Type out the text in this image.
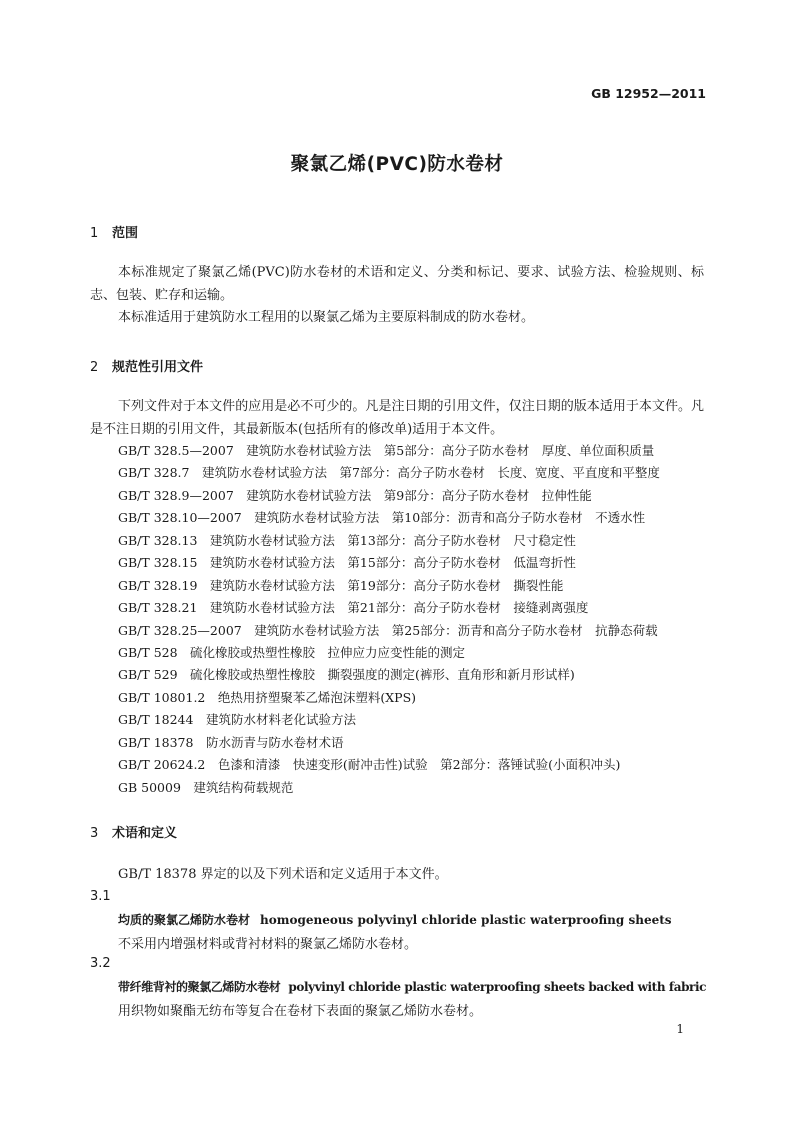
GB 12952—2011
聚氯乙烯(PVC)防水卷材
1 范围
本标准规定了聚氯乙烯(PVC)防水卷材的术语和定义、分类和标记、要求、试验方法、检验规则、标志、包装、贮存和运输。
本标准适用于建筑防水工程用的以聚氯乙烯为主要原料制成的防水卷材。
2 规范性引用文件
下列文件对于本文件的应用是必不可少的。凡是注日期的引用文件，仅注日期的版本适用于本文件。凡是不注日期的引用文件，其最新版本(包括所有的修改单)适用于本文件。
GB/T 328.5—2007　建筑防水卷材试验方法　第5部分：高分子防水卷材　厚度、单位面积质量
GB/T 328.7　建筑防水卷材试验方法　第7部分：高分子防水卷材　长度、宽度、平直度和平整度
GB/T 328.9—2007　建筑防水卷材试验方法　第9部分：高分子防水卷材　拉伸性能
GB/T 328.10—2007　建筑防水卷材试验方法　第10部分：沥青和高分子防水卷材　不透水性
GB/T 328.13　建筑防水卷材试验方法　第13部分：高分子防水卷材　尺寸稳定性
GB/T 328.15　建筑防水卷材试验方法　第15部分：高分子防水卷材　低温弯折性
GB/T 328.19　建筑防水卷材试验方法　第19部分：高分子防水卷材　撕裂性能
GB/T 328.21　建筑防水卷材试验方法　第21部分：高分子防水卷材　接缝剥离强度
GB/T 328.25—2007　建筑防水卷材试验方法　第25部分：沥青和高分子防水卷材　抗静态荷载
GB/T 528　硫化橡胶或热塑性橡胶　拉伸应力应变性能的测定
GB/T 529　硫化橡胶或热塑性橡胶　撕裂强度的测定(裤形、直角形和新月形试样)
GB/T 10801.2　绝热用挤塑聚苯乙烯泡沫塑料(XPS)
GB/T 18244　建筑防水材料老化试验方法
GB/T 18378　防水沥青与防水卷材术语
GB/T 20624.2　色漆和清漆　快速变形(耐冲击性)试验　第2部分：落锤试验(小面积冲头)
GB 50009　建筑结构荷载规范
3 术语和定义
GB/T 18378 界定的以及下列术语和定义适用于本文件。
3.1
均质的聚氯乙烯防水卷材 homogeneous polyvinyl chloride plastic waterproofing sheets
不采用内增强材料或背衬材料的聚氯乙烯防水卷材。
3.2
带纤维背衬的聚氯乙烯防水卷材 polyvinyl chloride plastic waterproofing sheets backed with fabric
用织物如聚酯无纺布等复合在卷材下表面的聚氯乙烯防水卷材。
1
